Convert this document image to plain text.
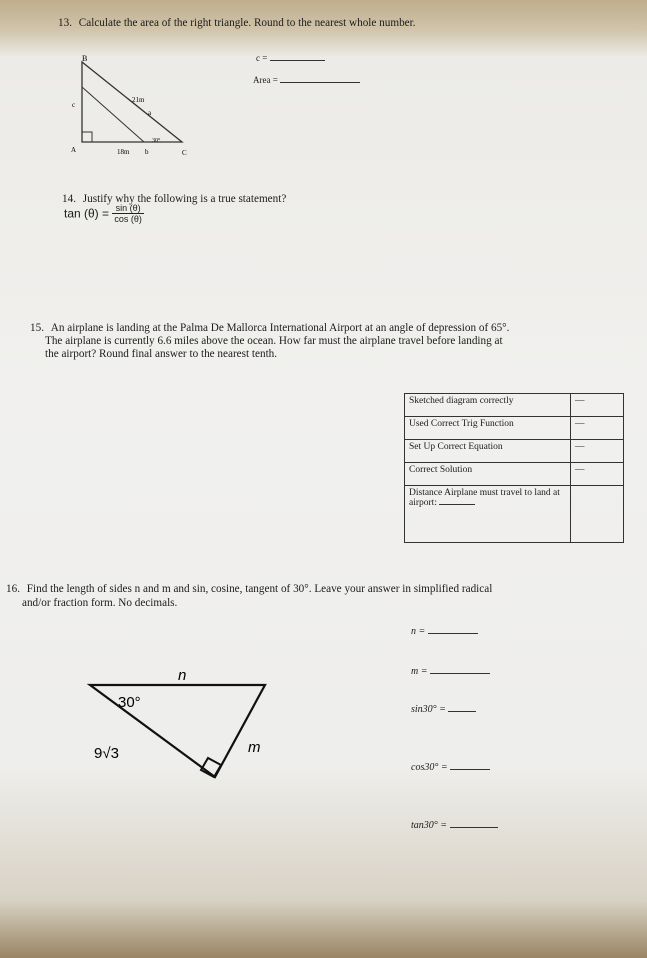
13. Calculate the area of the right triangle. Round to the nearest whole number.
c =
Area =
B
c
21m
a
30°
A	18m b	C
14. Justify why the following is a true statement?
$\tan (\theta) = \frac{\sin (\theta)}{\cos (\theta)}$
15. An airplane is landing at the Palma De Mallorca International Airport at an angle of depression of 65°.
The airplane is currently 6.6 miles above the ocean. How far must the airplane travel before landing at
the airport? Round final answer to the nearest tenth.
Sketched diagram correctly	—
Used Correct Trig Function	—
Set Up Correct Equation	—
Correct Solution	—
Distance Airplane must travel to land at airport:	
16. Find the length of sides n and m and sin, cosine, tangent of 30°. Leave your answer in simplified radical
and/or fraction form. No decimals.
n =
m =
sin30° =
cos30° =
tan30° =
n
30°
9√3	m
